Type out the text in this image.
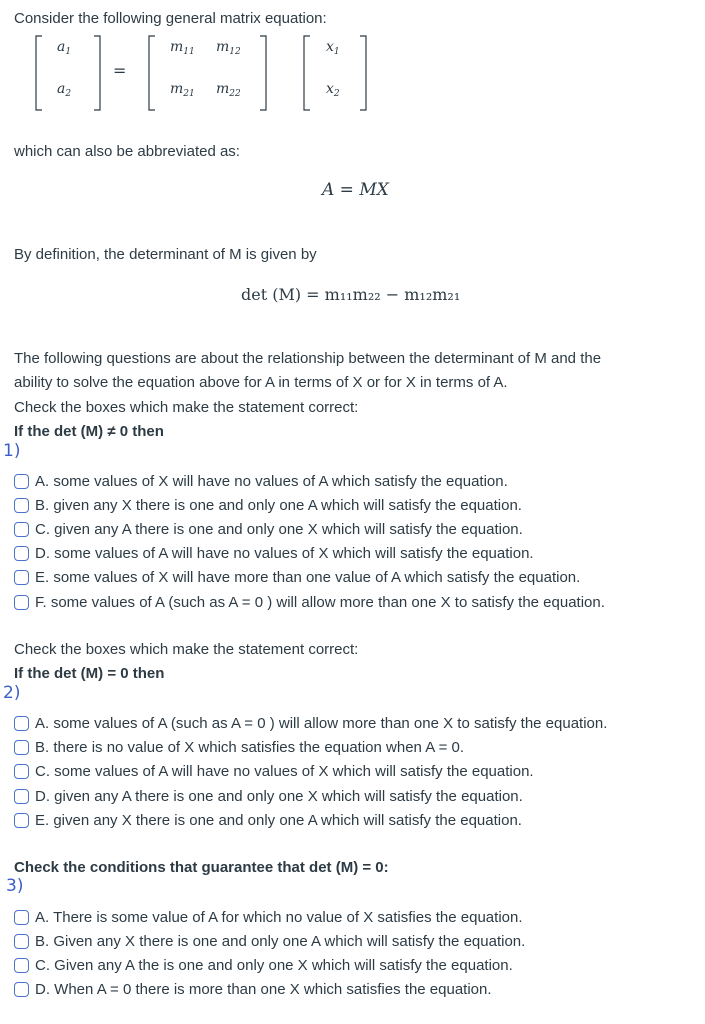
Consider the following general matrix equation:
$a_1$
$a_2$
=
$m_{11}$ $m_{12}$
$m_{21}$ $m_{22}$
$x_1$
$x_2$
which can also be abbreviated as:
A = MX
By definition, the determinant of M is given by
det (M) = m₁₁m₂₂ − m₁₂m₂₁
The following questions are about the relationship between the determinant of M and the
ability to solve the equation above for A in terms of X or for X in terms of A.
Check the boxes which make the statement correct:
If the det (M) ≠ 0 then
1)
A. some values of X will have no values of A which satisfy the equation.
B. given any X there is one and only one A which will satisfy the equation.
C. given any A there is one and only one X which will satisfy the equation.
D. some values of A will have no values of X which will satisfy the equation.
E. some values of X will have more than one value of A which satisfy the equation.
F. some values of A (such as A = 0 ) will allow more than one X to satisfy the equation.
Check the boxes which make the statement correct:
If the det (M) = 0 then
2)
A. some values of A (such as A = 0 ) will allow more than one X to satisfy the equation.
B. there is no value of X which satisfies the equation when A = 0.
C. some values of A will have no values of X which will satisfy the equation.
D. given any A there is one and only one X which will satisfy the equation.
E. given any X there is one and only one A which will satisfy the equation.
Check the conditions that guarantee that det (M) = 0:
3)
A. There is some value of A for which no value of X satisfies the equation.
B. Given any X there is one and only one A which will satisfy the equation.
C. Given any A the is one and only one X which will satisfy the equation.
D. When A = 0 there is more than one X which satisfies the equation.
